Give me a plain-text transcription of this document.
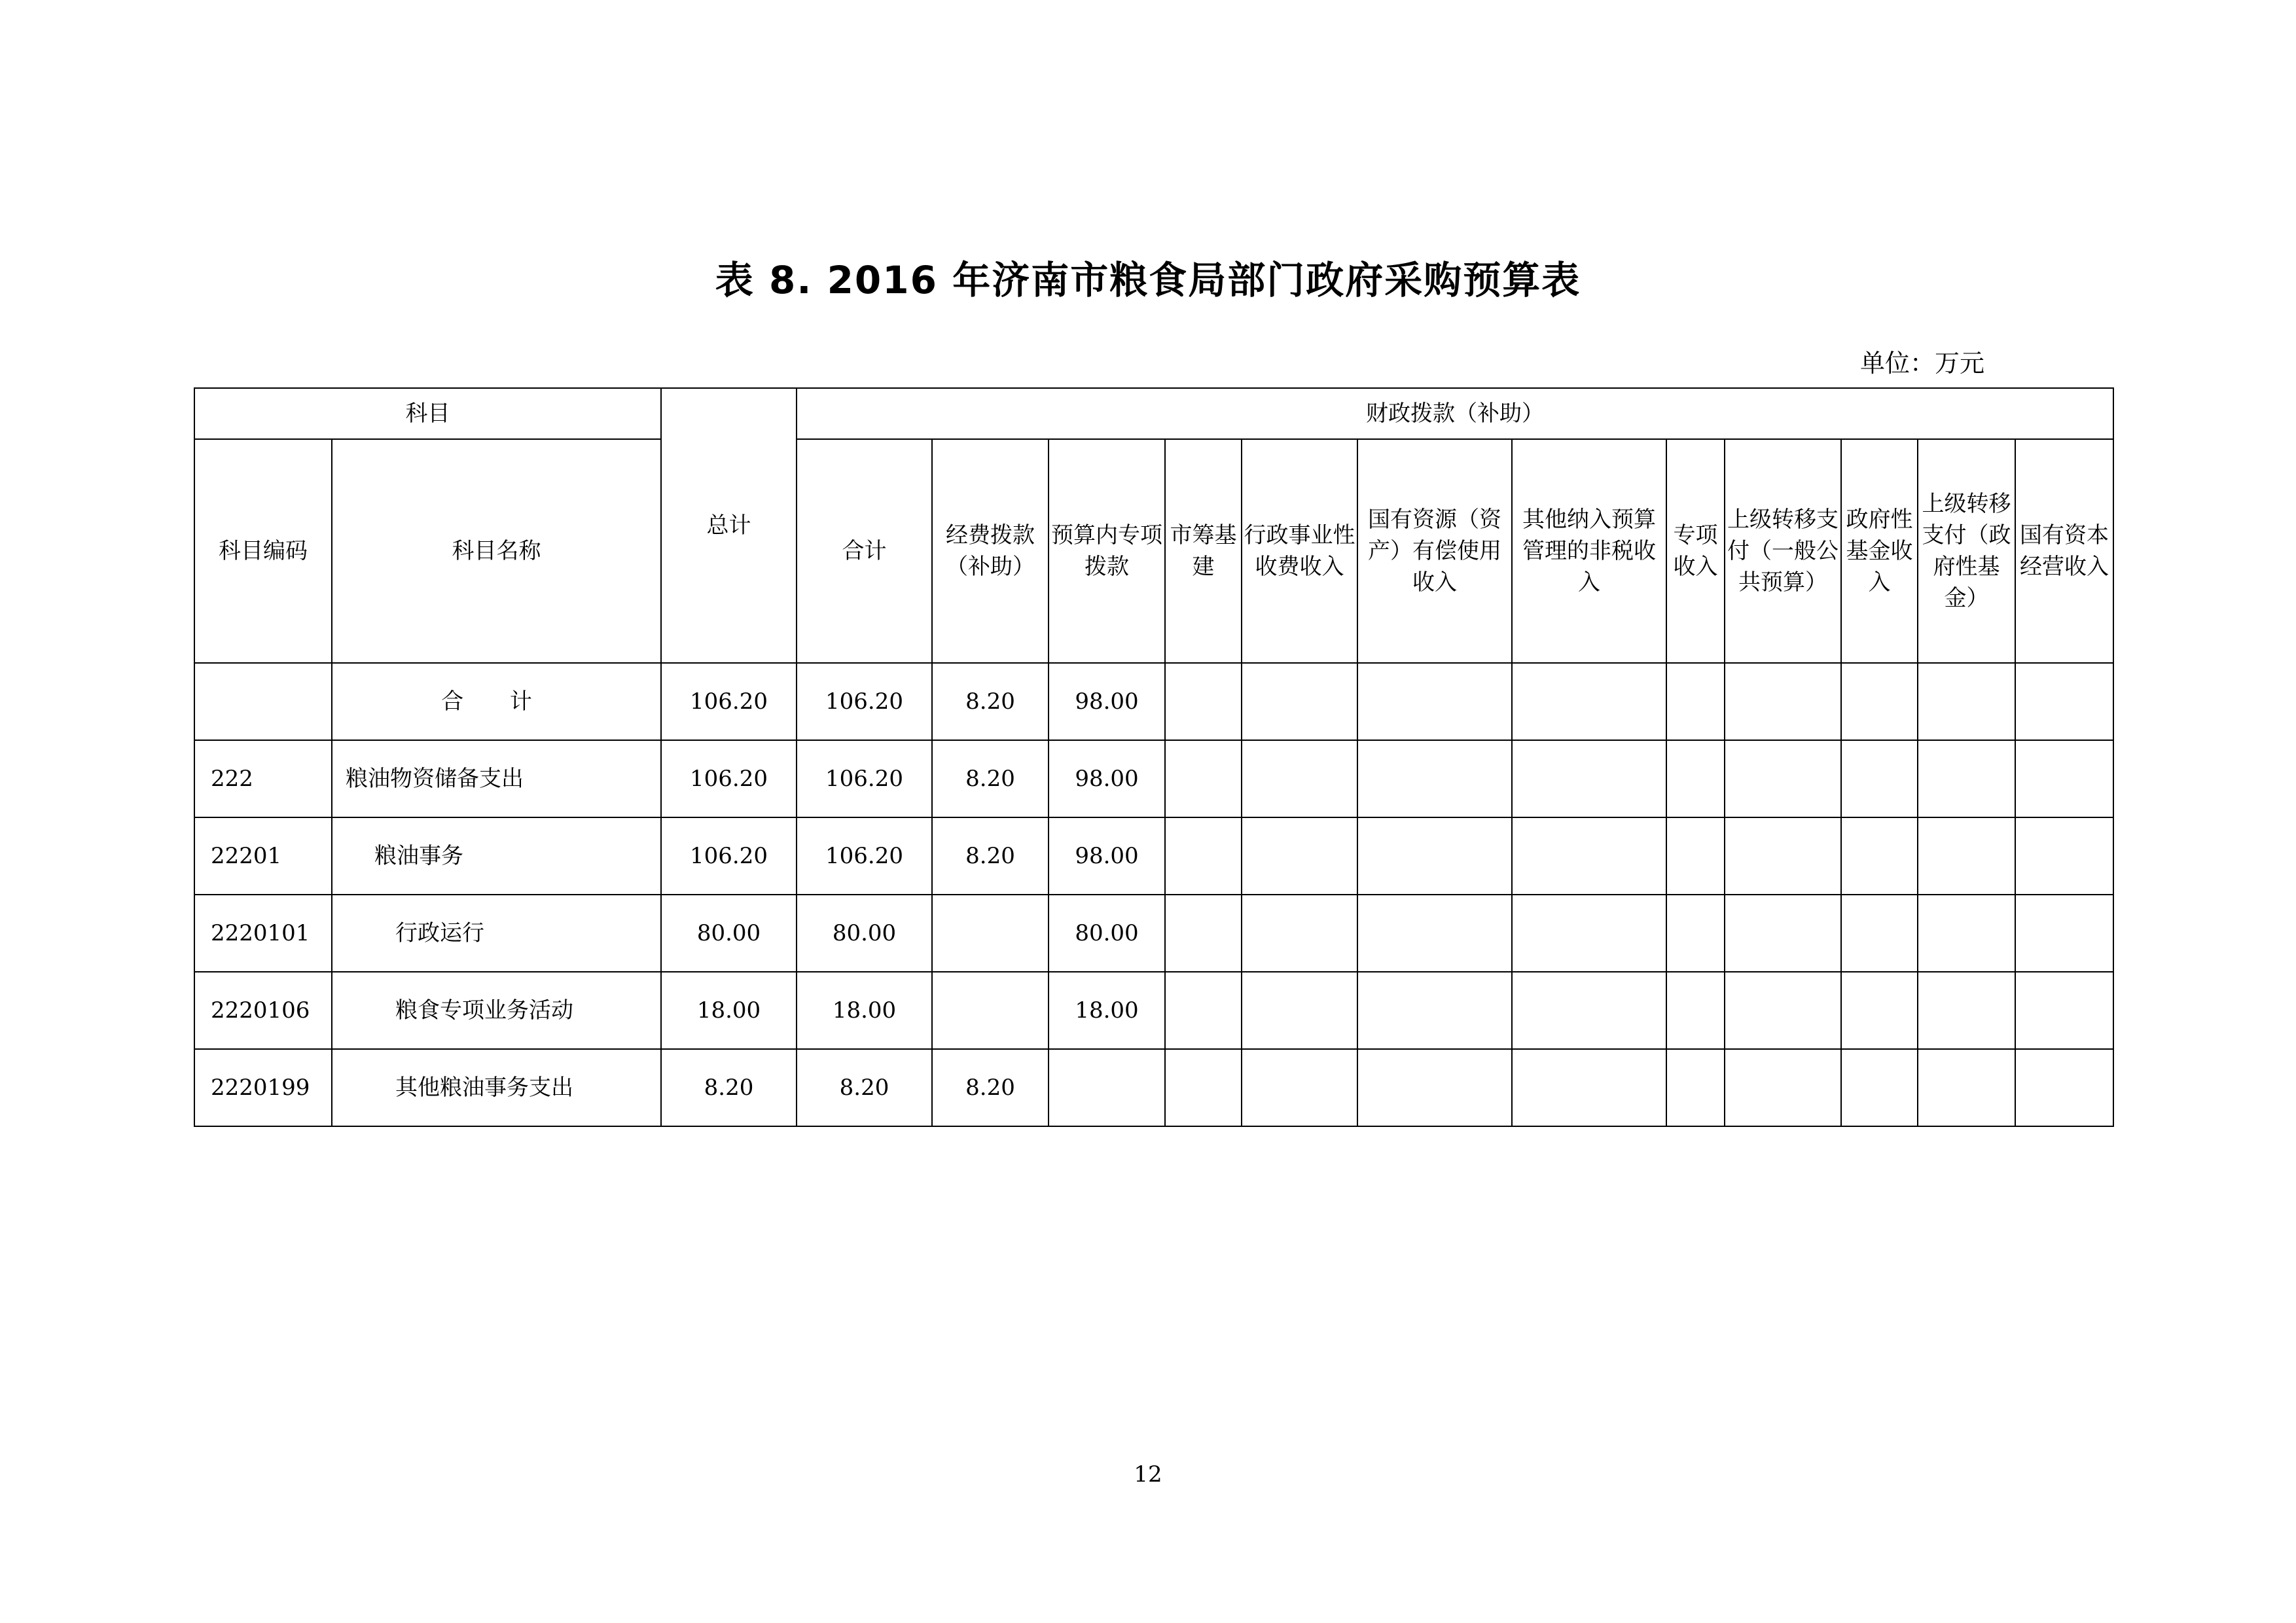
表 8. 2016 年济南市粮食局部门政府采购预算表
单位：万元
科目		总计	财政拨款（补助）											
科目编码	科目名称		合计	经费拨款（补助）	预算内专项拨款	市筹基建	行政事业性收费收入	国有资源（资产）有偿使用收入	其他纳入预算管理的非税收入	专项收入	上级转移支付（一般公共预算）	政府性基金收入	上级转移支付（政府性基金）	国有资本经营收入
	合 计	106.20	106.20	8.20	98.00									
222	粮油物资储备支出	106.20	106.20	8.20	98.00									
22201	粮油事务	106.20	106.20	8.20	98.00									
2220101	行政运行	80.00	80.00		80.00									
2220106	粮食专项业务活动	18.00	18.00		18.00									
2220199	其他粮油事务支出	8.20	8.20	8.20										
12
